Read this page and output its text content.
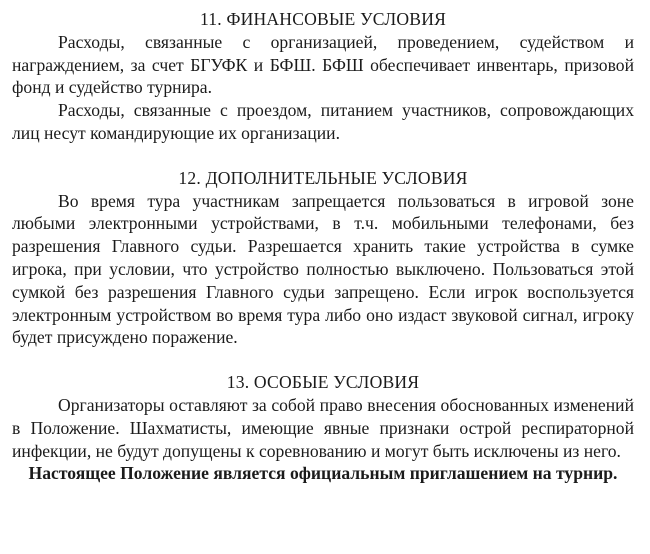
11. ФИНАНСОВЫЕ УСЛОВИЯ

Расходы, связанные с организацией, проведением, судейством и награждением, за счет БГУФК и БФШ. БФШ обеспечивает инвентарь, призовой фонд и судейство турнира.

Расходы, связанные с проездом, питанием участников, сопровождающих лиц несут командирующие их организации.

12. ДОПОЛНИТЕЛЬНЫЕ УСЛОВИЯ

Во время тура участникам запрещается пользоваться в игровой зоне любыми электронными устройствами, в т.ч. мобильными телефонами, без разрешения Главного судьи. Разрешается хранить такие устройства в сумке игрока, при условии, что устройство полностью выключено. Пользоваться этой сумкой без разрешения Главного судьи запрещено. Если игрок воспользуется электронным устройством во время тура либо оно издаст звуковой сигнал, игроку будет присуждено поражение.

13. ОСОБЫЕ УСЛОВИЯ

Организаторы оставляют за собой право внесения обоснованных изменений в Положение. Шахматисты, имеющие явные признаки острой респираторной инфекции, не будут допущены к соревнованию и могут быть исключены из него.

Настоящее Положение является официальным приглашением на турнир.
